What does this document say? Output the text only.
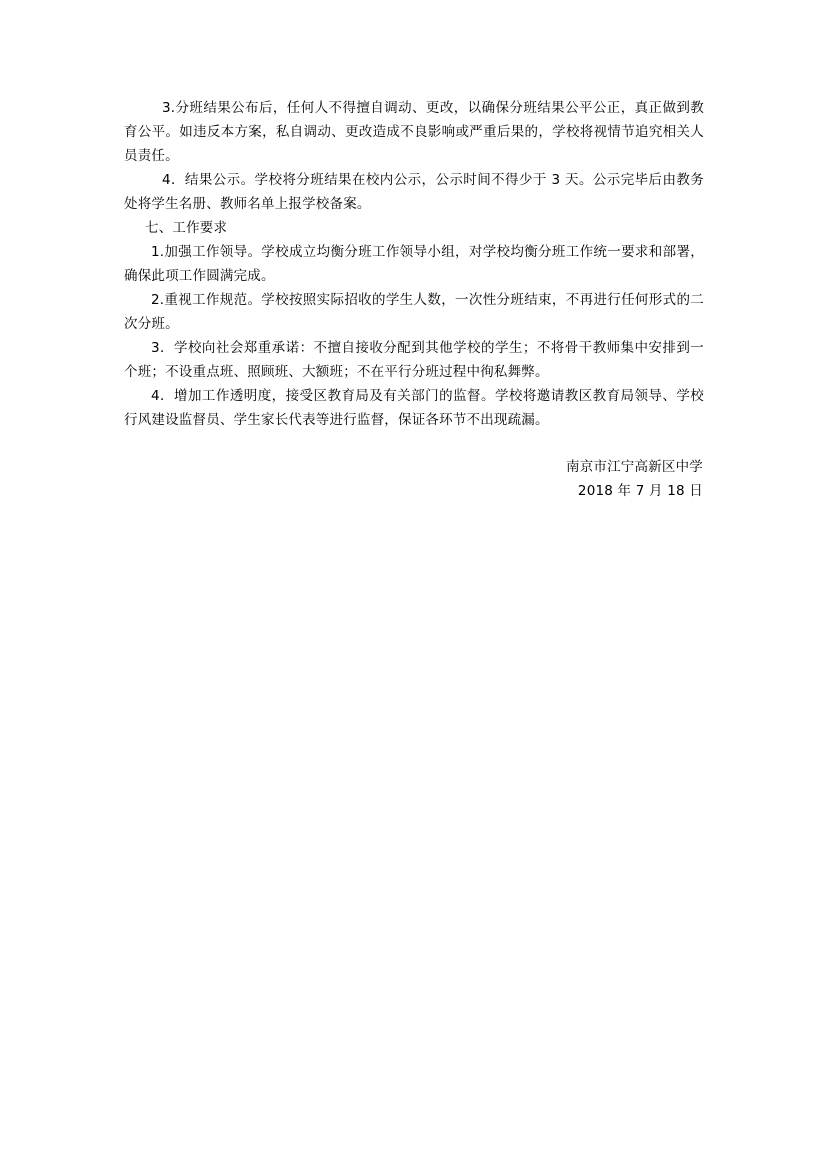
3.分班结果公布后，任何人不得擅自调动、更改，以确保分班结果公平公正，真正做到教育公平。如违反本方案，私自调动、更改造成不良影响或严重后果的，学校将视情节追究相关人员责任。

4．结果公示。学校将分班结果在校内公示，公示时间不得少于 3 天。公示完毕后由教务处将学生名册、教师名单上报学校备案。

七、工作要求

1.加强工作领导。学校成立均衡分班工作领导小组，对学校均衡分班工作统一要求和部署，确保此项工作圆满完成。

2.重视工作规范。学校按照实际招收的学生人数，一次性分班结束，不再进行任何形式的二次分班。

3．学校向社会郑重承诺：不擅自接收分配到其他学校的学生；不将骨干教师集中安排到一个班；不设重点班、照顾班、大额班；不在平行分班过程中徇私舞弊。

4．增加工作透明度，接受区教育局及有关部门的监督。学校将邀请教区教育局领导、学校行风建设监督员、学生家长代表等进行监督，保证各环节不出现疏漏。

南京市江宁高新区中学
2018 年 7 月 18 日
